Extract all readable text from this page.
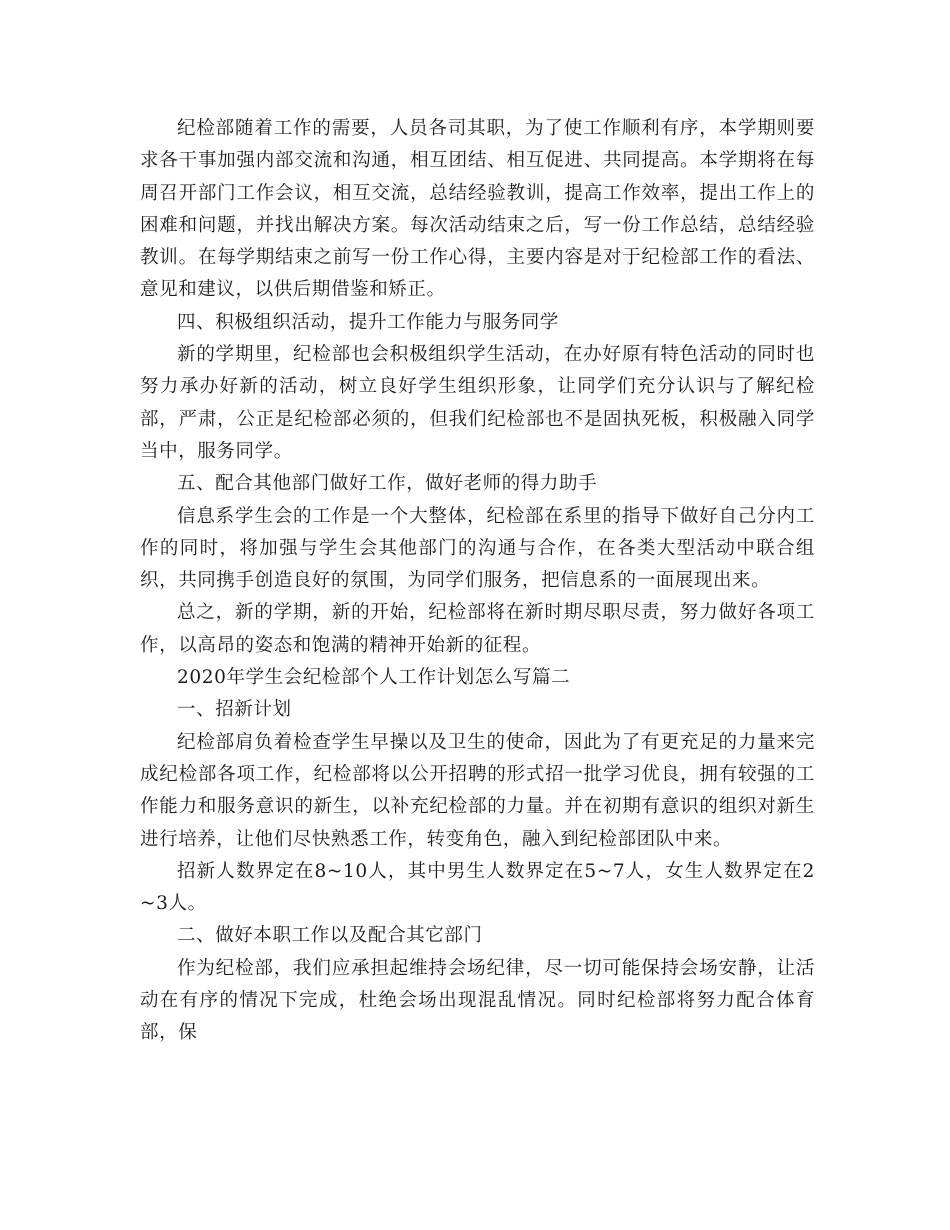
纪检部随着工作的需要，人员各司其职，为了使工作顺利有序，本学期则要求各干事加强内部交流和沟通，相互团结、相互促进、共同提高。本学期将在每周召开部门工作会议，相互交流，总结经验教训，提高工作效率，提出工作上的困难和问题，并找出解决方案。每次活动结束之后，写一份工作总结，总结经验教训。在每学期结束之前写一份工作心得，主要内容是对于纪检部工作的看法、意见和建议，以供后期借鉴和矫正。

四、积极组织活动，提升工作能力与服务同学

新的学期里，纪检部也会积极组织学生活动，在办好原有特色活动的同时也努力承办好新的活动，树立良好学生组织形象，让同学们充分认识与了解纪检部，严肃，公正是纪检部必须的，但我们纪检部也不是固执死板，积极融入同学当中，服务同学。

五、配合其他部门做好工作，做好老师的得力助手

信息系学生会的工作是一个大整体，纪检部在系里的指导下做好自己分内工作的同时，将加强与学生会其他部门的沟通与合作，在各类大型活动中联合组织，共同携手创造良好的氛围，为同学们服务，把信息系的一面展现出来。

总之，新的学期，新的开始，纪检部将在新时期尽职尽责，努力做好各项工作，以高昂的姿态和饱满的精神开始新的征程。

2020年学生会纪检部个人工作计划怎么写篇二

一、招新计划

纪检部肩负着检查学生早操以及卫生的使命，因此为了有更充足的力量来完成纪检部各项工作，纪检部将以公开招聘的形式招一批学习优良，拥有较强的工作能力和服务意识的新生，以补充纪检部的力量。并在初期有意识的组织对新生进行培养，让他们尽快熟悉工作，转变角色，融入到纪检部团队中来。

招新人数界定在8~10人，其中男生人数界定在5~7人，女生人数界定在2~3人。

二、做好本职工作以及配合其它部门

作为纪检部，我们应承担起维持会场纪律，尽一切可能保持会场安静，让活动在有序的情况下完成，杜绝会场出现混乱情况。同时纪检部将努力配合体育部，保
